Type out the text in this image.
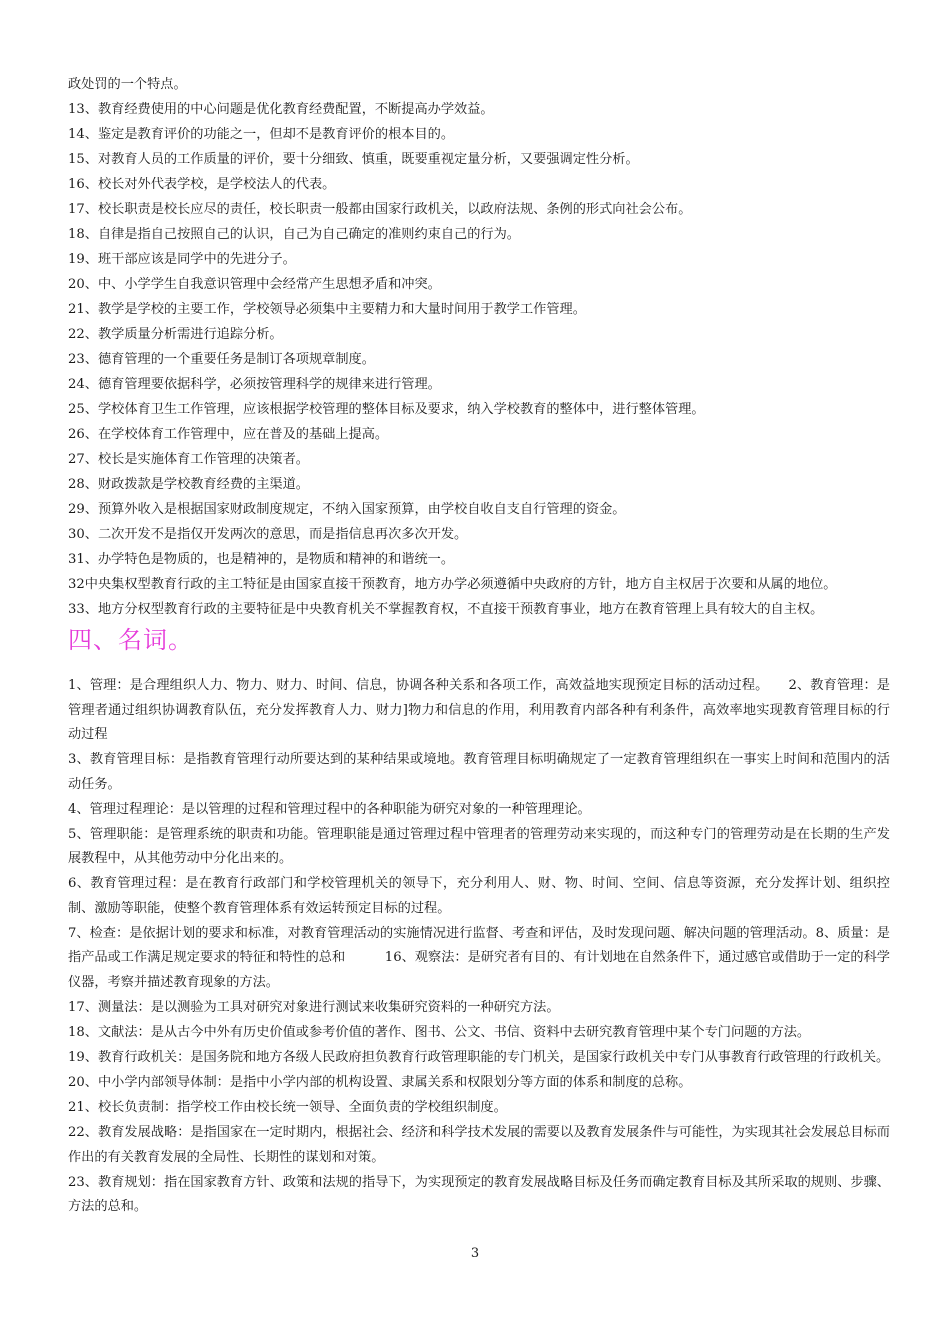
政处罚的一个特点。
13、教育经费使用的中心问题是优化教育经费配置，不断提高办学效益。
14、鉴定是教育评价的功能之一，但却不是教育评价的根本目的。
15、对教育人员的工作质量的评价，要十分细致、慎重，既要重视定量分析，又要强调定性分析。
16、校长对外代表学校，是学校法人的代表。
17、校长职责是校长应尽的责任，校长职责一般都由国家行政机关，以政府法规、条例的形式向社会公布。
18、自律是指自己按照自己的认识，自己为自己确定的准则约束自己的行为。
19、班干部应该是同学中的先进分子。
20、中、小学学生自我意识管理中会经常产生思想矛盾和冲突。
21、教学是学校的主要工作，学校领导必须集中主要精力和大量时间用于教学工作管理。
22、教学质量分析需进行追踪分析。
23、德育管理的一个重要任务是制订各项规章制度。
24、德育管理要依据科学，必须按管理科学的规律来进行管理。
25、学校体育卫生工作管理，应该根据学校管理的整体目标及要求，纳入学校教育的整体中，进行整体管理。
26、在学校体育工作管理中，应在普及的基础上提高。
27、校长是实施体育工作管理的决策者。
28、财政拨款是学校教育经费的主渠道。
29、预算外收入是根据国家财政制度规定，不纳入国家预算，由学校自收自支自行管理的资金。
30、二次开发不是指仅开发两次的意思，而是指信息再次多次开发。
31、办学特色是物质的，也是精神的，是物质和精神的和谐统一。
32中央集权型教育行政的主工特征是由国家直接干预教育，地方办学必须遵循中央政府的方针，地方自主权居于次要和从属的地位。
33、地方分权型教育行政的主要特征是中央教育机关不掌握教育权，不直接干预教育事业，地方在教育管理上具有较大的自主权。
四、名词。

1、管理：是合理组织人力、物力、财力、时间、信息，协调各种关系和各项工作，高效益地实现预定目标的活动过程。　　2、教育管理：是管理者通过组织协调教育队伍，充分发挥教育人力、财力]物力和信息的作用，利用教育内部各种有利条件，高效率地实现教育管理目标的行动过程

3、教育管理目标：是指教育管理行动所要达到的某种结果或境地。教育管理目标明确规定了一定教育管理组织在一事实上时间和范围内的活动任务。

4、管理过程理论：是以管理的过程和管理过程中的各种职能为研究对象的一种管理理论。

5、管理职能：是管理系统的职责和功能。管理职能是通过管理过程中管理者的管理劳动来实现的，而这种专门的管理劳动是在长期的生产发展教程中，从其他劳动中分化出来的。

6、教育管理过程：是在教育行政部门和学校管理机关的领导下，充分利用人、财、物、时间、空间、信息等资源，充分发挥计划、组织控制、激励等职能，使整个教育管理体系有效运转预定目标的过程。

7、检查：是依据计划的要求和标准，对教育管理活动的实施情况进行监督、考查和评估，及时发现问题、解决问题的管理活动。8、质量：是指产品或工作满足规定要求的特征和特性的总和　　　16、观察法：是研究者有目的、有计划地在自然条件下，通过感官或借助于一定的科学仪器，考察并描述教育现象的方法。

17、测量法：是以测验为工具对研究对象进行测试来收集研究资料的一种研究方法。

18、文献法：是从古今中外有历史价值或参考价值的著作、图书、公文、书信、资料中去研究教育管理中某个专门问题的方法。

19、教育行政机关：是国务院和地方各级人民政府担负教育行政管理职能的专门机关，是国家行政机关中专门从事教育行政管理的行政机关。

20、中小学内部领导体制：是指中小学内部的机构设置、隶属关系和权限划分等方面的体系和制度的总称。

21、校长负责制：指学校工作由校长统一领导、全面负责的学校组织制度。

22、教育发展战略：是指国家在一定时期内，根据社会、经济和科学技术发展的需要以及教育发展条件与可能性，为实现其社会发展总目标而作出的有关教育发展的全局性、长期性的谋划和对策。

23、教育规划：指在国家教育方针、政策和法规的指导下，为实现预定的教育发展战略目标及任务而确定教育目标及其所采取的规则、步骤、方法的总和。

3
